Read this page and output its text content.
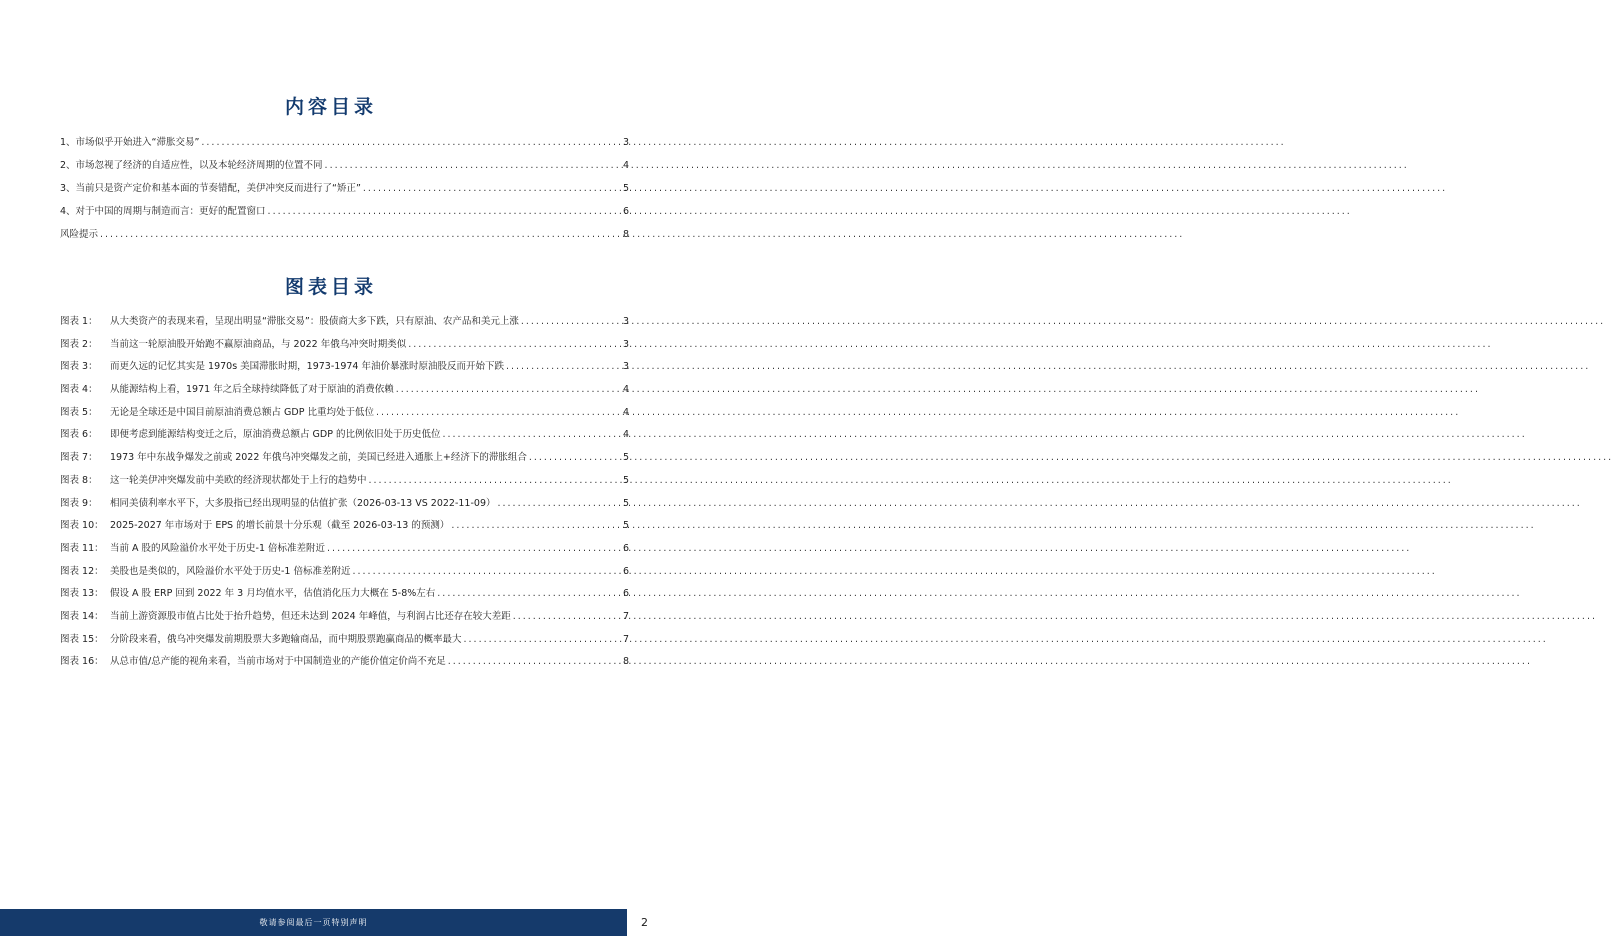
内容目录
1、市场似乎开始进入“滞胀交易” .....	3
2、市场忽视了经济的自适应性，以及本轮经济周期的位置不同 .....	4
3、当前只是资产定价和基本面的节奏错配，美伊冲突反而进行了“矫正” .....	5
4、对于中国的周期与制造而言：更好的配置窗口 .....	6
风险提示 .....	8
图表目录
图表 1： 从大类资产的表现来看，呈现出明显“滞胀交易”：股债商大多下跌，只有原油、农产品和美元上涨 .....	3
图表 2： 当前这一轮原油股开始跑不赢原油商品，与 2022 年俄乌冲突时期类似 .....	3
图表 3： 而更久远的记忆其实是 1970s 美国滞胀时期，1973-1974 年油价暴涨时原油股反而开始下跌 .....	3
图表 4： 从能源结构上看，1971 年之后全球持续降低了对于原油的消费依赖 .....	4
图表 5： 无论是全球还是中国目前原油消费总额占 GDP 比重均处于低位 .....	4
图表 6： 即便考虑到能源结构变迁之后，原油消费总额占 GDP 的比例依旧处于历史低位 .....	4
图表 7： 1973 年中东战争爆发之前或 2022 年俄乌冲突爆发之前，美国已经进入通胀上+经济下的滞胀组合 .....	5
图表 8： 这一轮美伊冲突爆发前中美欧的经济现状都处于上行的趋势中 .....	5
图表 9： 相同美债利率水平下，大多股指已经出现明显的估值扩张（2026-03-13 VS 2022-11-09） .....	5
图表 10： 2025-2027 年市场对于 EPS 的增长前景十分乐观（截至 2026-03-13 的预测） .....	5
图表 11： 当前 A 股的风险溢价水平处于历史-1 倍标准差附近 .....	6
图表 12： 美股也是类似的，风险溢价水平处于历史-1 倍标准差附近 .....	6
图表 13： 假设 A 股 ERP 回到 2022 年 3 月均值水平，估值消化压力大概在 5-8%左右 .....	6
图表 14： 当前上游资源股市值占比处于抬升趋势，但还未达到 2024 年峰值，与利润占比还存在较大差距 .....	7
图表 15： 分阶段来看，俄乌冲突爆发前期股票大多跑输商品，而中期股票跑赢商品的概率最大 .....	7
图表 16： 从总市值/总产能的视角来看，当前市场对于中国制造业的产能价值定价尚不充足 .....	8
敬请参阅最后一页特别声明	2
